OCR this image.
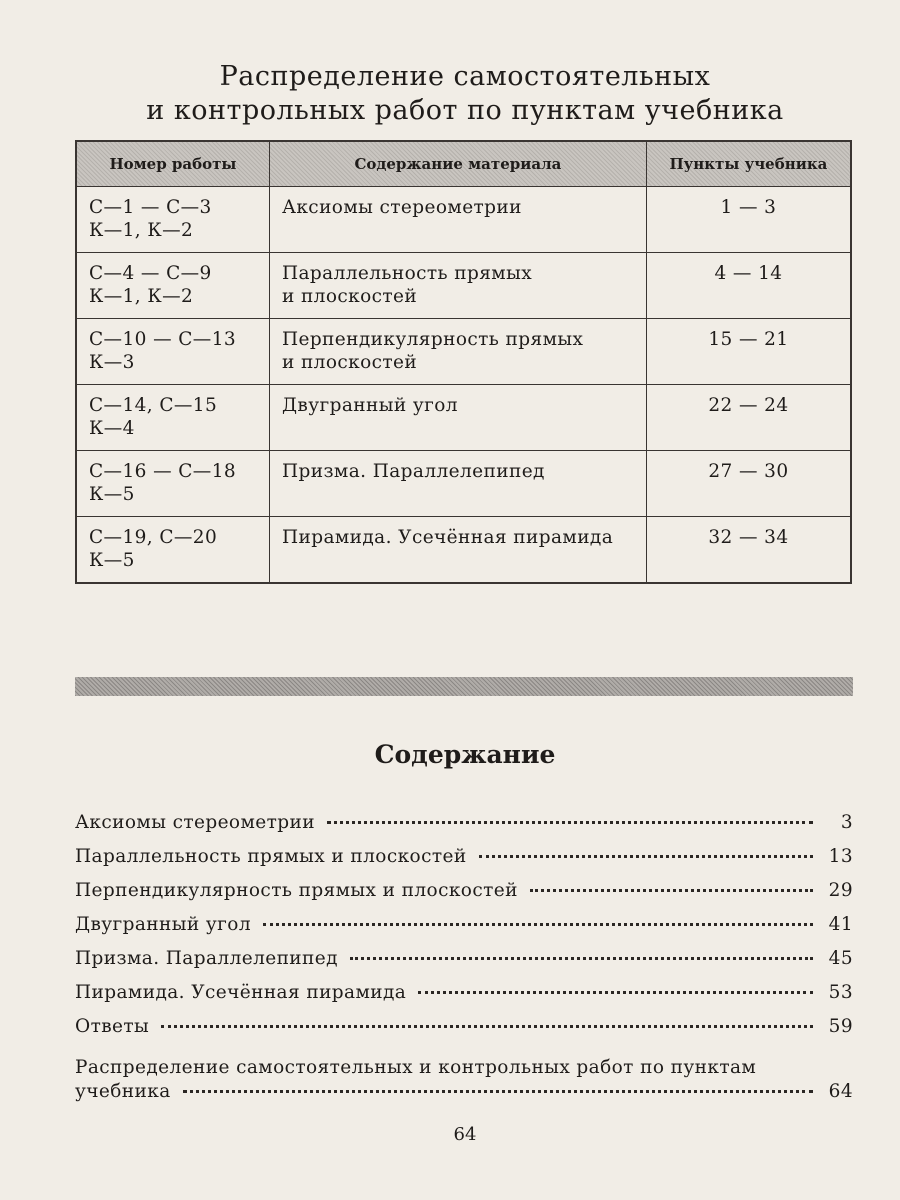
Распределение самостоятельных
и контрольных работ по пунктам учебника
Номер работы	Содержание материала	Пункты учебника

С—1 — С—3
К—1, К—2	Аксиомы стереометрии	1 — 3

С—4 — С—9
К—1, К—2	Параллельность прямых
и плоскостей	4 — 14

С—10 — С—13
К—3	Перпендикулярность прямых
и плоскостей	15 — 21

С—14, С—15
К—4	Двугранный угол	22 — 24

С—16 — С—18
К—5	Призма. Параллелепипед	27 — 30

С—19, С—20
К—5	Пирамида. Усечённая пирамида	32 — 34
Содержание
Аксиомы стереометрии	3
Параллельность прямых и плоскостей	13
Перпендикулярность прямых и плоскостей	29
Двугранный угол	41
Призма. Параллелепипед	45
Пирамида. Усечённая пирамида	53
Ответы	59
Распределение самостоятельных и контрольных работ по пунктам
учебника	64
64
